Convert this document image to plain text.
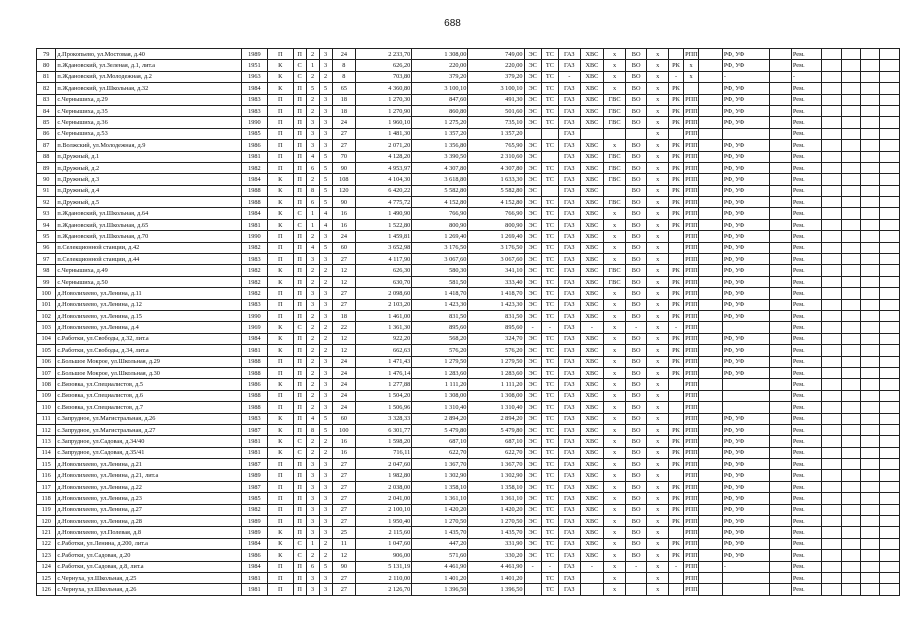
688
79	д.Прокопьево, ул.Мостовая, д.40	1989	П	П	2	3	24	2 233,70	1 308,00	749,00	ЭС	ТС	ГАЗ	ХВС	х	ВО	х		РПП		РФ, УФ		Рем.				
80	п.Ждановский, ул.Зеленая, д.1, лит.а	1951	К	С	1	3	8	626,20	220,00	220,00	ЭС	ТС	ГАЗ	ХВС	х	ВО	х	РК	х		РФ, УФ		Рем.				
81	п.Ждановский, ул.Молодежная, д.2	1963	К	С	2	2	8	703,80	379,20	379,20	ЭС	ТС	-	ХВС	х	ВО	х	-	х		-		-				
82	п.Ждановский, ул.Школьная, д.32	1984	К	П	5	5	65	4 360,80	3 100,10	3 100,10	ЭС	ТС	ГАЗ	ХВС	х	ВО	х	РК			РФ, УФ		Рем.				
83	с.Чернышиха, д.29	1983	П	П	2	3	18	1 270,30	847,60	491,30	ЭС	ТС	ГАЗ	ХВС	ГВС	ВО	х	РК	РПП		РФ, УФ		Рем.				
84	с.Чернышиха, д.35	1983	П	П	2	3	18	1 270,90	860,80	501,60	ЭС	ТС	ГАЗ	ХВС	ГВС	ВО	х	РК	РПП		РФ, УФ		Рем.				
85	с.Чернышиха, д.36	1990	П	П	3	3	24	1 960,10	1 275,20	735,10	ЭС	ТС	ГАЗ	ХВС	ГВС	ВО	х	РК	РПП		РФ, УФ		Рем.				
86	с.Чернышиха, д.53	1985	П	П	3	3	27	1 481,30	1 357,20	1 357,20			ГАЗ				х		РПП				Рем.				
87	п.Волжский, ул.Молодежная, д.9	1986	П	П	3	3	27	2 071,20	1 356,80	765,90	ЭС	ТС	ГАЗ	ХВС	х	ВО	х	РК	РПП		РФ, УФ		Рем.				
88	п.Дружный, д.1	1981	П	П	4	5	70	4 128,20	3 390,50	2 310,60	ЭС		ГАЗ	ХВС	ГВС	ВО	х	РК	РПП		РФ, УФ		Рем.				
89	п.Дружный, д.2	1982	П	П	6	5	90	4 953,97	4 307,80	4 307,80	ЭС	ТС	ГАЗ	ХВС	ГВС	ВО	х	РК	РПП		РФ, УФ		Рем.				
90	п.Дружный, д.3	1984	К	П	2	5	108	4 104,30	3 618,80	1 633,30	ЭС	ТС	ГАЗ	ХВС	ГВС	ВО	х	РК	РПП		РФ, УФ		Рем.				
91	п.Дружный, д.4	1988	К	П	8	5	120	6 420,22	5 582,80	5 582,80	ЭС		ГАЗ	ХВС		ВО	х	РК	РПП		РФ, УФ		Рем.				
92	п.Дружный, д.5	1988	К	П	6	5	90	4 775,72	4 152,80	4 152,80	ЭС	ТС	ГАЗ	ХВС	ГВС	ВО	х	РК	РПП		РФ, УФ		Рем.				
93	п.Ждановский, ул.Школьная, д.64	1984	К	С	1	4	16	1 490,90	766,90	766,90	ЭС	ТС	ГАЗ	ХВС	х	ВО	х	РК	РПП		РФ, УФ		Рем.				
94	п.Ждановский, ул.Школьная, д.65	1981	К	С	1	4	16	1 522,80	800,90	800,90	ЭС	ТС	ГАЗ	ХВС	х	ВО	х	РК	РПП		РФ, УФ		Рем.				
95	п.Ждановский, ул.Школьная, д.70	1990	П	П	2	3	24	1 459,81	1 269,40	1 269,40	ЭС	ТС	ГАЗ	ХВС	х	ВО	х		РПП		РФ, УФ		Рем.				
96	п.Селекционной станции, д.42	1982	П	П	4	5	60	3 652,98	3 176,50	3 176,50	ЭС	ТС	ГАЗ	ХВС	х	ВО	х		РПП		РФ, УФ		Рем.				
97	п.Селекционной станции, д.44	1983	П	П	3	3	27	4 117,90	3 067,60	3 067,60	ЭС	ТС	ГАЗ	ХВС	х	ВО	х		РПП		РФ, УФ		Рем.				
98	с.Чернышиха, д.49	1982	К	П	2	2	12	626,30	580,30	341,10	ЭС	ТС	ГАЗ	ХВС	ГВС	ВО	х	РК	РПП		РФ, УФ		Рем.				
99	с.Чернышиха, д.50	1982	К	П	2	2	12	630,70	581,50	333,40	ЭС	ТС	ГАЗ	ХВС	ГВС	ВО	х	РК	РПП		РФ, УФ		Рем.				
100	д.Новолихеево, ул.Ленина, д.11	1982	П	П	3	3	27	2 098,60	1 418,70	1 418,70	ЭС	ТС	ГАЗ	ХВС	х	ВО	х	РК	РПП		РФ, УФ		Рем.				
101	д.Новолихеево, ул.Ленина, д.12	1983	П	П	3	3	27	2 103,20	1 423,30	1 423,30	ЭС	ТС	ГАЗ	ХВС	х	ВО	х	РК	РПП		РФ, УФ		Рем.				
102	д.Новолихеево, ул.Ленина, д.15	1990	П	П	2	3	18	1 461,00	831,50	831,50	ЭС	ТС	ГАЗ	ХВС	х	ВО	х	РК	РПП		РФ, УФ		Рем.				
103	д.Новолихеево, ул.Ленина, д.4	1969	К	С	2	2	22	1 361,30	895,60	895,60	-	-	ГАЗ	-	х	-	х	-	РПП				Рем.				
104	с.Работки, ул.Свободы, д.32, лит.а	1984	К	П	2	2	12	922,20	568,20	324,70	ЭС	ТС	ГАЗ	ХВС	х	ВО	х	РК	РПП		РФ, УФ		Рем.				
105	с.Работки, ул.Свободы, д.34, лит.а	1981	К	П	2	2	12	662,63	576,20	576,20	ЭС	ТС	ГАЗ	ХВС	х	ВО	х	РК	РПП		РФ, УФ		Рем.				
106	с.Большое Мокрое, ул.Школьная, д.29	1988	П	П	2	3	24	1 471,43	1 279,50	1 279,50	ЭС	ТС	ГАЗ	ХВС	х	ВО	х	РК	РПП		РФ, УФ		Рем.				
107	с.Большое Мокрое, ул.Школьная, д.30	1988	П	П	2	3	24	1 476,14	1 283,60	1 283,60	ЭС	ТС	ГАЗ	ХВС	х	ВО	х	РК	РПП		РФ, УФ		Рем.				
108	с.Вязовка, ул.Специалистов, д.5	1986	К	П	2	3	24	1 277,88	1 111,20	1 111,20	ЭС	ТС	ГАЗ	ХВС	х	ВО	х		РПП				Рем.				
109	с.Вязовка, ул.Специалистов, д.6	1988	П	П	2	3	24	1 504,20	1 308,00	1 308,00	ЭС	ТС	ГАЗ	ХВС	х	ВО	х		РПП				Рем.				
110	с.Вязовка, ул.Специалистов, д.7	1988	П	П	2	3	24	1 506,96	1 310,40	1 310,40	ЭС	ТС	ГАЗ	ХВС	х	ВО	х		РПП				Рем.				
111	с.Запрудное, ул.Магистральная, д.26	1983	К	П	4	5	60	3 328,33	2 894,20	2 894,20	ЭС	ТС	ГАЗ	ХВС	х	ВО	х		РПП		РФ, УФ		Рем.				
112	с.Запрудное, ул.Магистральная, д.27	1987	К	П	8	5	100	6 301,77	5 479,80	5 479,80	ЭС	ТС	ГАЗ	ХВС	х	ВО	х	РК	РПП		РФ, УФ		Рем.				
113	с.Запрудное, ул.Садовая, д.34/40	1981	К	С	2	2	16	1 598,20	687,10	687,10	ЭС	ТС	ГАЗ	ХВС	х	ВО	х	РК	РПП		РФ, УФ		Рем.				
114	с.Запрудное, ул.Садовая, д.35/41	1981	К	С	2	2	16	716,11	622,70	622,70	ЭС	ТС	ГАЗ	ХВС	х	ВО	х	РК	РПП		РФ, УФ		Рем.				
115	д.Новолихеево, ул.Ленина, д.21	1987	П	П	3	3	27	2 047,60	1 367,70	1 367,70	ЭС	ТС	ГАЗ	ХВС	х	ВО	х	РК	РПП		РФ, УФ		Рем.				
116	д.Новолихеево, ул.Ленина, д.21, лит.а	1989	П	П	3	3	27	1 982,80	1 302,90	1 302,90	ЭС	ТС	ГАЗ	ХВС	х	ВО	х		РПП		РФ, УФ		Рем.				
117	д.Новолихеево, ул.Ленина, д.22	1987	П	П	3	3	27	2 038,00	1 358,10	1 358,10	ЭС	ТС	ГАЗ	ХВС	х	ВО	х	РК	РПП		РФ, УФ		Рем.				
118	д.Новолихеево, ул.Ленина, д.23	1985	П	П	3	3	27	2 041,00	1 361,10	1 361,10	ЭС	ТС	ГАЗ	ХВС	х	ВО	х	РК	РПП		РФ, УФ		Рем.				
119	д.Новолихеево, ул.Ленина, д.27	1982	П	П	3	3	27	2 100,10	1 420,20	1 420,20	ЭС	ТС	ГАЗ	ХВС	х	ВО	х	РК	РПП		РФ, УФ		Рем.				
120	д.Новолихеево, ул.Ленина, д.28	1989	П	П	3	3	27	1 950,40	1 270,50	1 270,50	ЭС	ТС	ГАЗ	ХВС	х	ВО	х	РК	РПП		РФ, УФ		Рем.				
121	д.Новолихеево, ул.Полевая, д.8	1989	К	П	3	3	25	2 115,60	1 435,70	1 435,70	ЭС	ТС	ГАЗ	ХВС	х	ВО	х		РПП		РФ, УФ		Рем.				
122	с.Работки, ул.Ленина, д.200, лит.а	1984	К	С	1	2	11	1 047,60	447,20	331,90	ЭС	ТС	ГАЗ	ХВС	х	ВО	х	РК	РПП		РФ, УФ		Рем.				
123	с.Работки, ул.Садовая, д.20	1986	К	С	2	2	12	906,00	571,60	330,20	ЭС	ТС	ГАЗ	ХВС	х	ВО	х	РК	РПП		РФ, УФ		Рем.				
124	с.Работки, ул.Садовая, д.8, лит.а	1984	П	П	6	5	90	5 131,19	4 461,90	4 461,90	-	-	ГАЗ	-	х	-	х	-	РПП		-		Рем.				
125	с.Чернуха, ул.Школьная, д.25	1981	П	П	3	3	27	2 110,00	1 401,20	1 401,20		ТС	ГАЗ		х		х		РПП				Рем.				
126	с.Чернуха, ул.Школьная, д.26	1981	П	П	3	3	27	2 126,70	1 396,50	1 396,50		ТС	ГАЗ		х		х		РПП				Рем.				
